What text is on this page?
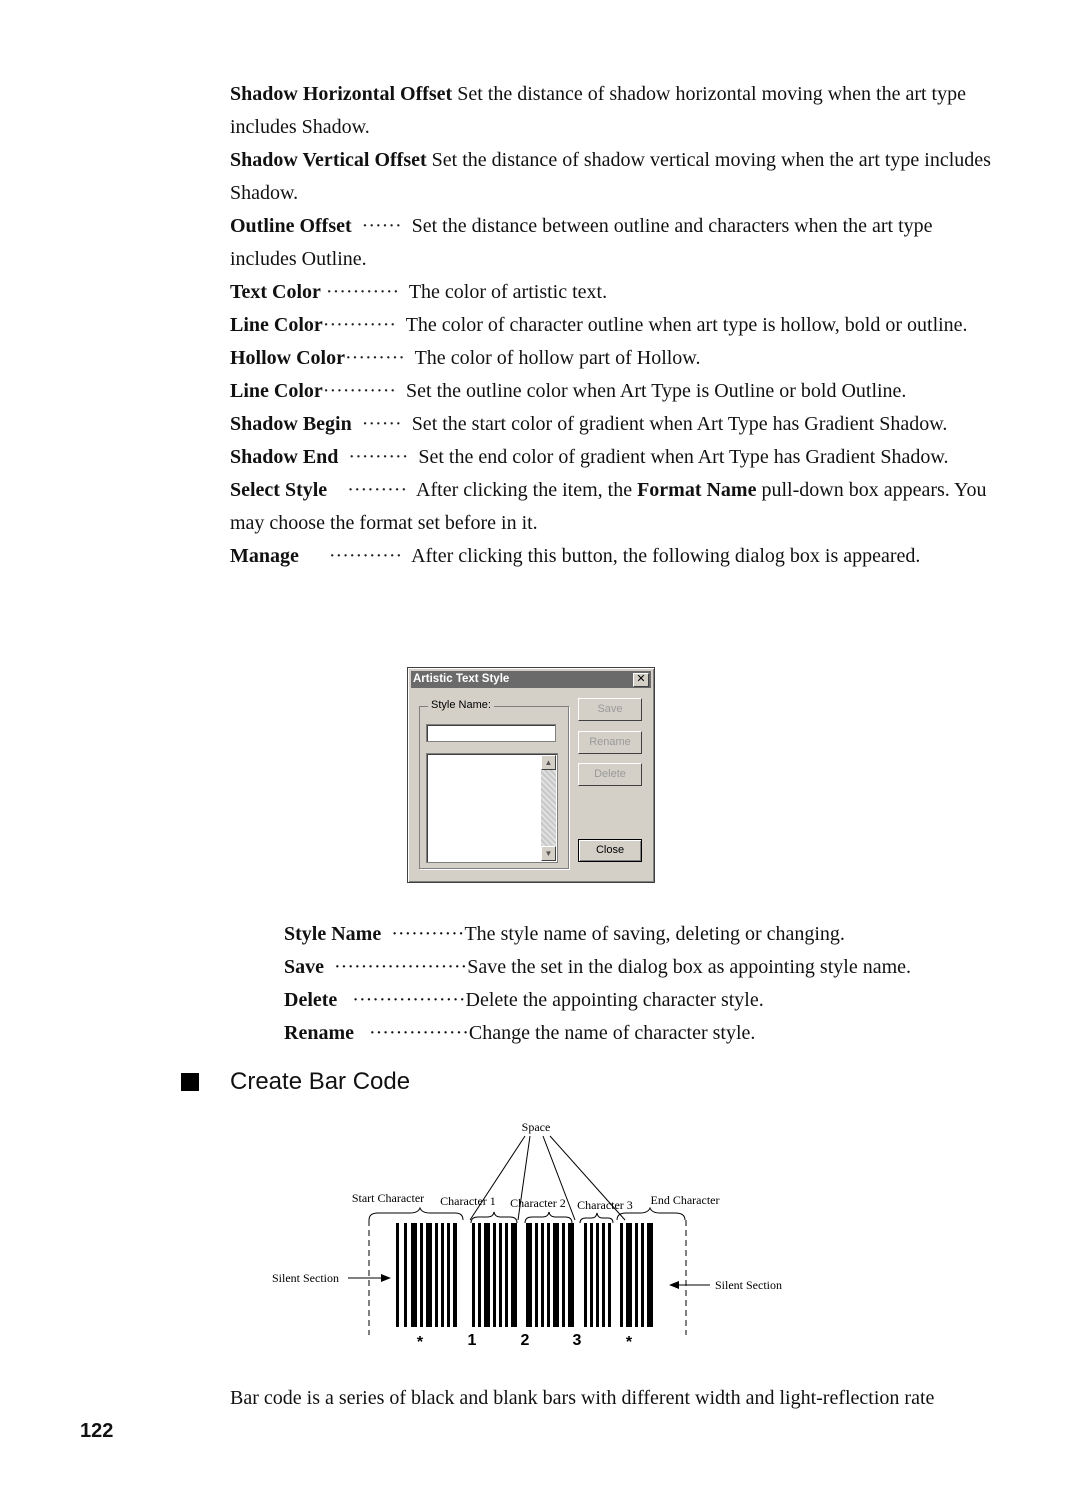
Shadow Horizontal Offset Set the distance of shadow horizontal moving when the art type includes Shadow.

Shadow Vertical Offset Set the distance of shadow vertical moving when the art type includes Shadow.

Outline Offset  ······  Set the distance between outline and characters when the art type includes Outline.

Text Color ···········  The color of artistic text.

Line Color···········  The color of character outline when art type is hollow, bold or outline.

Hollow Color·········  The color of hollow part of Hollow.

Line Color···········  Set the outline color when Art Type is Outline or bold Outline.

Shadow Begin  ······  Set the start color of gradient when Art Type has Gradient Shadow.

Shadow End  ·········  Set the end color of gradient when Art Type has Gradient Shadow.

Select Style    ·········  After clicking the item, the Format Name pull-down box appears. You may choose the format set before in it.

Manage      ···········  After clicking this button, the following dialog box is appeared.

Artistic Text Style	✕
Style Name:
▲
▼
Save
Rename
Delete
Close

Style Name  ···········The style name of saving, deleting or changing.

Save  ····················Save the set in the dialog box as appointing style name.

Delete   ·················Delete the appointing character style.

Rename   ···············Change the name of character style.

Create Bar Code
Space
Start Character Character 1 Character 2 Character 3 End Character
Silent Section	Silent Section
*	1	2	3	*
Bar code is a series of black and blank bars with different width and light-reflection rate
122
